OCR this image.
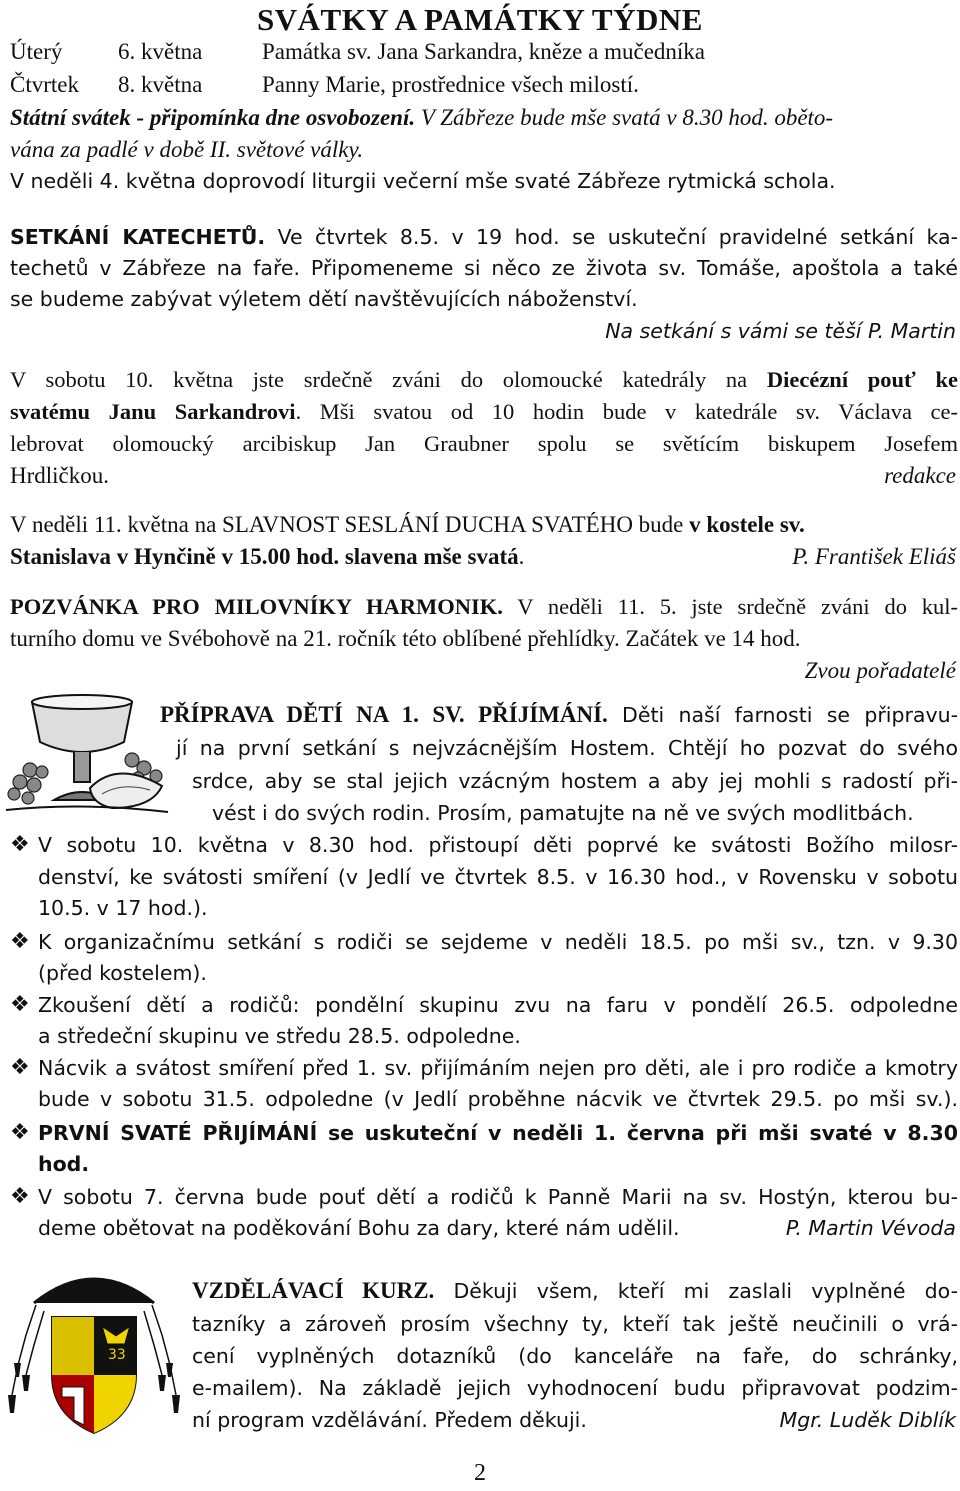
SVÁTKY A PAMÁTKY TÝDNE
Úterý 6. května	Památka sv. Jana Sarkandra, kněze a mučedníka
Čtvrtek 8. května	Panny Marie, prostřednice všech milostí.
Státní svátek - připomínka dne osvobození. V Zábřeze bude mše svatá v 8.30 hod. oběto-
vána za padlé v době II. světové války.
V neděli 4. května doprovodí liturgii večerní mše svaté Zábřeze rytmická schola.
SETKÁNÍ KATECHETŮ. Ve čtvrtek 8.5. v 19 hod. se uskuteční pravidelné setkání ka-
techetů v Zábřeze na faře. Připomeneme si něco ze života sv. Tomáše, apoštola a také
se budeme zabývat výletem dětí navštěvujících náboženství.
Na setkání s vámi se těší P. Martin
V sobotu 10. května jste srdečně zváni do olomoucké katedrály na Diecézní pouť ke
svatému Janu Sarkandrovi. Mši svatou od 10 hodin bude v katedrále sv. Václava ce-
lebrovat olomoucký arcibiskup Jan Graubner spolu se světícím biskupem Josefem
Hrdličkou.	redakce
V neděli 11. května na SLAVNOST SESLÁNÍ DUCHA SVATÉHO bude v kostele sv.
Stanislava v Hynčině v 15.00 hod. slavena mše svatá.	P. František Eliáš
POZVÁNKA PRO MILOVNÍKY HARMONIK. V neděli 11. 5. jste srdečně zváni do kul-
turního domu ve Svébohově na 21. ročník této oblíbené přehlídky. Začátek ve 14 hod.
Zvou pořadatelé
PŘÍPRAVA DĚTÍ NA 1. SV. PŘÍJÍMÁNÍ. Děti naší farnosti se připravu-
jí na první setkání s nejvzácnějším Hostem. Chtějí ho pozvat do svého
srdce, aby se stal jejich vzácným hostem a aby jej mohli s radostí při-
vést i do svých rodin. Prosím, pamatujte na ně ve svých modlitbách.
❖ V sobotu 10. května v 8.30 hod. přistoupí děti poprvé ke svátosti Božího milosr-
denství, ke svátosti smíření (v Jedlí ve čtvrtek 8.5. v 16.30 hod., v Rovensku v sobotu
10.5. v 17 hod.).
❖ K organizačnímu setkání s rodiči se sejdeme v neděli 18.5. po mši sv., tzn. v 9.30
(před kostelem).
❖ Zkoušení dětí a rodičů: pondělní skupinu zvu na faru v pondělí 26.5. odpoledne
a středeční skupinu ve středu 28.5. odpoledne.
❖ Nácvik a svátost smíření před 1. sv. přijímáním nejen pro děti, ale i pro rodiče a kmotry
bude v sobotu 31.5. odpoledne (v Jedlí proběhne nácvik ve čtvrtek 29.5. po mši sv.).
❖ PRVNÍ SVATÉ PŘIJÍMÁNÍ se uskuteční v neděli 1. června při mši svaté v 8.30
hod.
❖ V sobotu 7. června bude pouť dětí a rodičů k Panně Marii na sv. Hostýn, kterou bu-
deme obětovat na poděkování Bohu za dary, které nám udělil.	P. Martin Vévoda
33
VZDĚLÁVACÍ KURZ. Děkuji všem, kteří mi zaslali vyplněné do-
tazníky a zároveň prosím všechny ty, kteří tak ještě neučinili o vrá-
cení vyplněných dotazníků (do kanceláře na faře, do schránky,
e-mailem). Na základě jejich vyhodnocení budu připravovat podzim-
ní program vzdělávání. Předem děkuji.	Mgr. Luděk Diblík
2
